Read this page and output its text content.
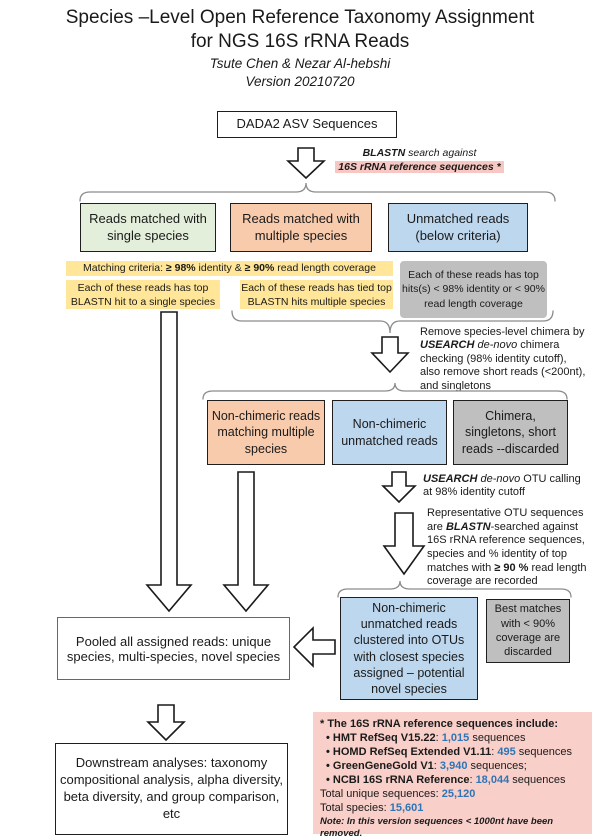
Species –Level Open Reference Taxonomy Assignment
for NGS 16S rRNA Reads
Tsute Chen & Nezar Al-hebshi
Version 20210720
DADA2 ASV Sequences
BLASTN search against
16S rRNA reference sequences *
Reads matched with single species
Reads matched with multiple species
Unmatched reads (below criteria)
Matching criteria: ≥ 98% identity & ≥ 90% read length coverage
Each of these reads has top BLASTN hit to a single species
Each of these reads has tied top BLASTN hits multiple species
Each of these reads has top hits(s) < 98% identity or < 90% read length coverage
Remove species-level chimera by USEARCH de-novo chimera checking (98% identity cutoff), also remove short reads (<200nt), and singletons
Non-chimeric reads matching multiple species
Non-chimeric unmatched reads
Chimera, singletons, short reads --discarded
USEARCH de-novo OTU calling at 98% identity cutoff
Representative OTU sequences are BLASTN-searched against 16S rRNA reference sequences, species and % identity of top matches with ≥ 90 % read length coverage are recorded
Non-chimeric unmatched reads clustered into OTUs with closest species assigned – potential novel species
Best matches with < 90% coverage are discarded
Pooled all assigned reads: unique species, multi-species, novel species
Downstream analyses: taxonomy compositional analysis, alpha diversity, beta diversity, and group comparison, etc
* The 16S rRNA reference sequences include:
• HMT RefSeq V15.22: 1,015 sequences
• HOMD RefSeq Extended V1.11: 495 sequences
• GreenGeneGold V1: 3,940 sequences;
• NCBI 16S rRNA Reference: 18,044 sequences
Total unique sequences: 25,120
Total species: 15,601
Note: In this version sequences < 1000nt have been removed.
